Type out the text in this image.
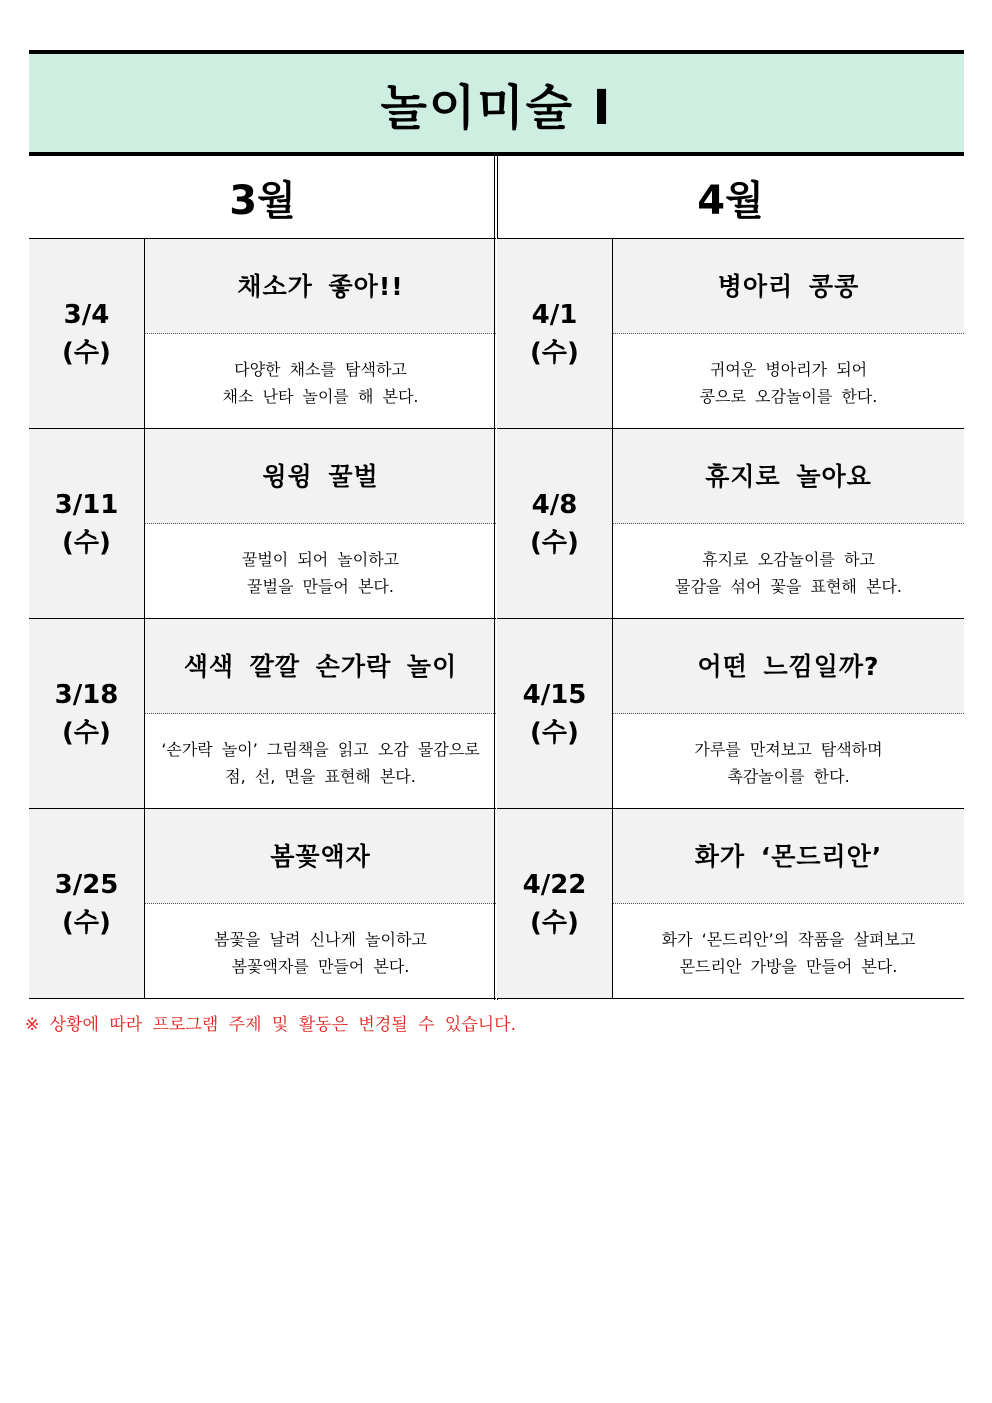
놀이미술 I
3월
3/4
(수)
채소가 좋아!!
다양한 채소를 탐색하고
채소 난타 놀이를 해 본다.
3/11
(수)
윙윙 꿀벌
꿀벌이 되어 놀이하고
꿀벌을 만들어 본다.
3/18
(수)
색색 깔깔 손가락 놀이
‘손가락 놀이’ 그림책을 읽고 오감 물감으로
점, 선, 면을 표현해 본다.
3/25
(수)
봄꽃액자
봄꽃을 날려 신나게 놀이하고
봄꽃액자를 만들어 본다.
4월
4/1
(수)
병아리 콩콩
귀여운 병아리가 되어
콩으로 오감놀이를 한다.
4/8
(수)
휴지로 놀아요
휴지로 오감놀이를 하고
물감을 섞어 꽃을 표현해 본다.
4/15
(수)
어떤 느낌일까?
가루를 만져보고 탐색하며
촉감놀이를 한다.
4/22
(수)
화가 ‘몬드리안’
화가 ‘몬드리안’의 작품을 살펴보고
몬드리안 가방을 만들어 본다.
※ 상황에 따라 프로그램 주제 및 활동은 변경될 수 있습니다.
